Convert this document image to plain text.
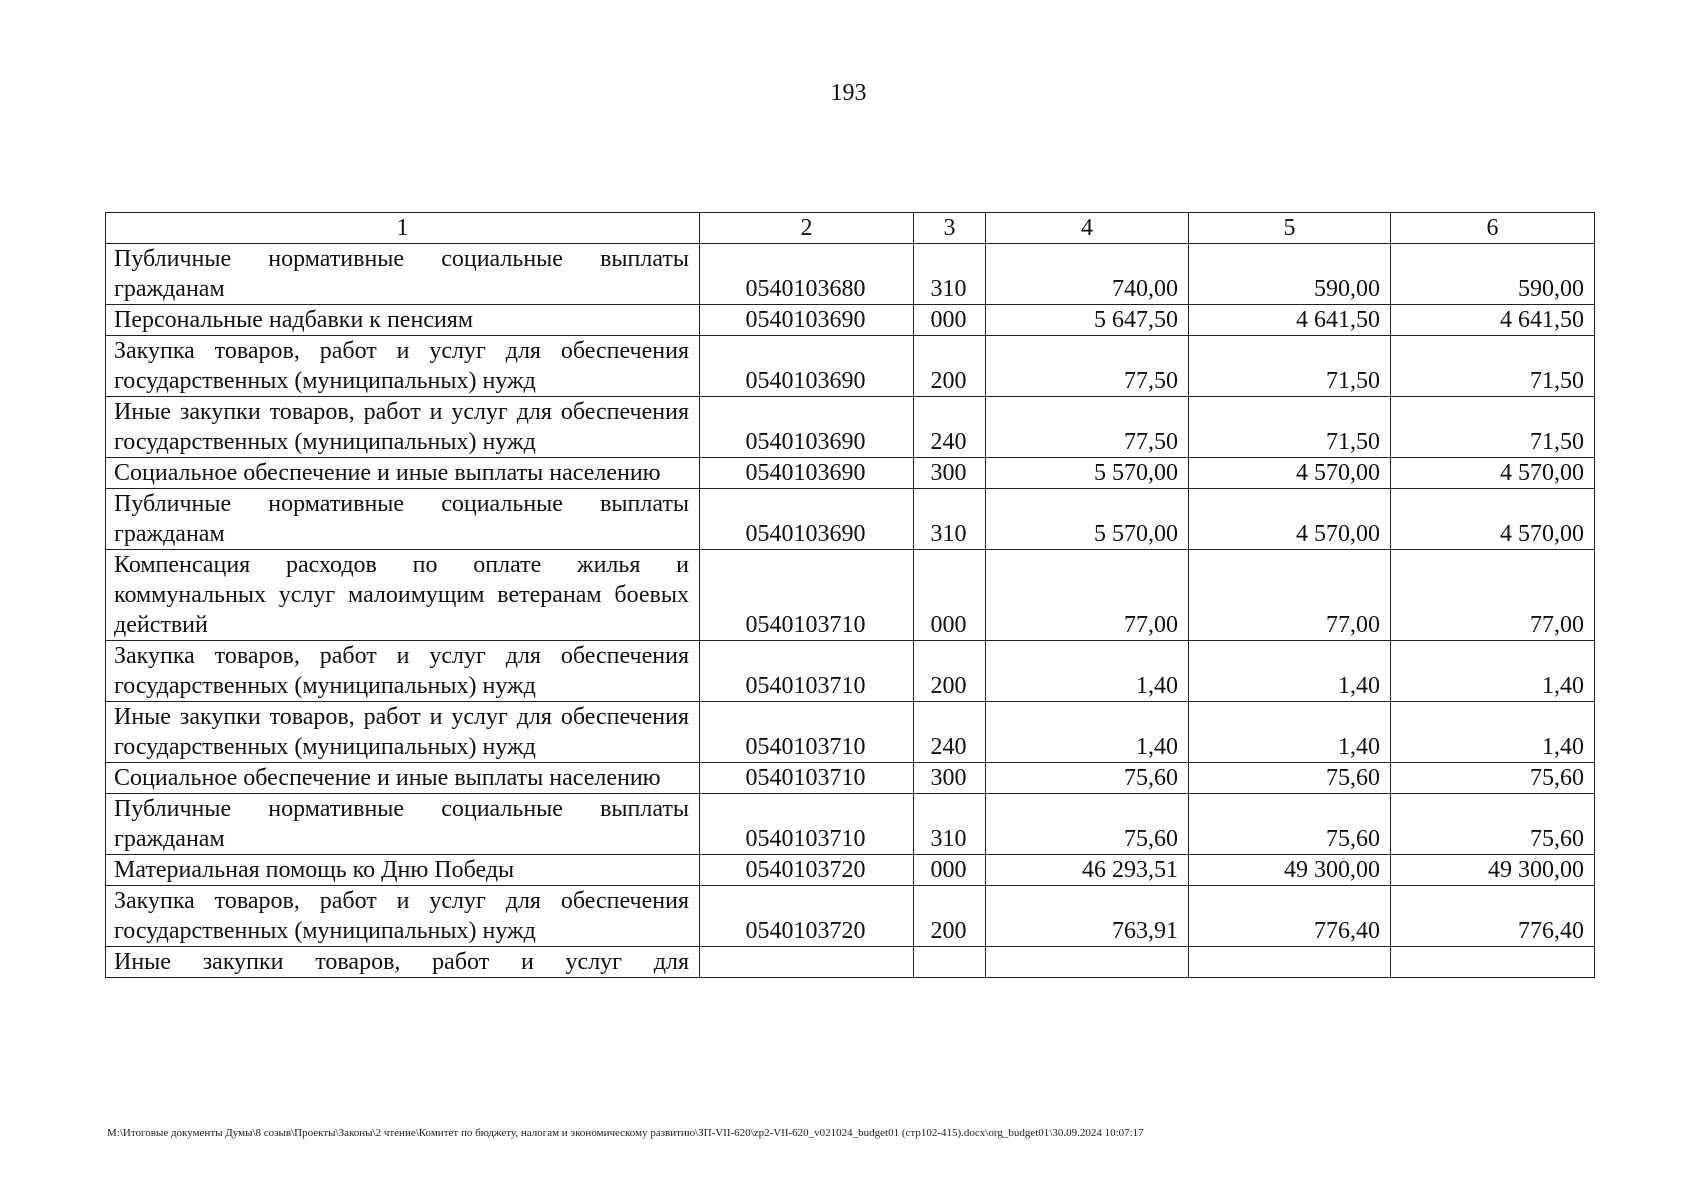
193
1	2	3	4	5	6
Публичные нормативные социальные выплаты гражданам	0540103680	310	740,00	590,00	590,00
Персональные надбавки к пенсиям	0540103690	000	5 647,50	4 641,50	4 641,50
Закупка товаров, работ и услуг для обеспечения государственных (муниципальных) нужд	0540103690	200	77,50	71,50	71,50
Иные закупки товаров, работ и услуг для обеспечения государственных (муниципальных) нужд	0540103690	240	77,50	71,50	71,50
Социальное обеспечение и иные выплаты населению	0540103690	300	5 570,00	4 570,00	4 570,00
Публичные нормативные социальные выплаты гражданам	0540103690	310	5 570,00	4 570,00	4 570,00
Компенсация расходов по оплате жилья и коммунальных услуг малоимущим ветеранам боевых действий	0540103710	000	77,00	77,00	77,00
Закупка товаров, работ и услуг для обеспечения государственных (муниципальных) нужд	0540103710	200	1,40	1,40	1,40
Иные закупки товаров, работ и услуг для обеспечения государственных (муниципальных) нужд	0540103710	240	1,40	1,40	1,40
Социальное обеспечение и иные выплаты населению	0540103710	300	75,60	75,60	75,60
Публичные нормативные социальные выплаты гражданам	0540103710	310	75,60	75,60	75,60
Материальная помощь ко Дню Победы	0540103720	000	46 293,51	49 300,00	49 300,00
Закупка товаров, работ и услуг для обеспечения государственных (муниципальных) нужд	0540103720	200	763,91	776,40	776,40
Иные закупки товаров, работ и услуг для					
М:\Итоговые документы Думы\8 созыв\Проекты\Законы\2 чтение\Комитет по бюджету, налогам и экономическому развитию\ЗП-VII-620\zp2-VII-620_v021024_budget01 (стр102-415).docx\org_budget01\30.09.2024 10:07:17
